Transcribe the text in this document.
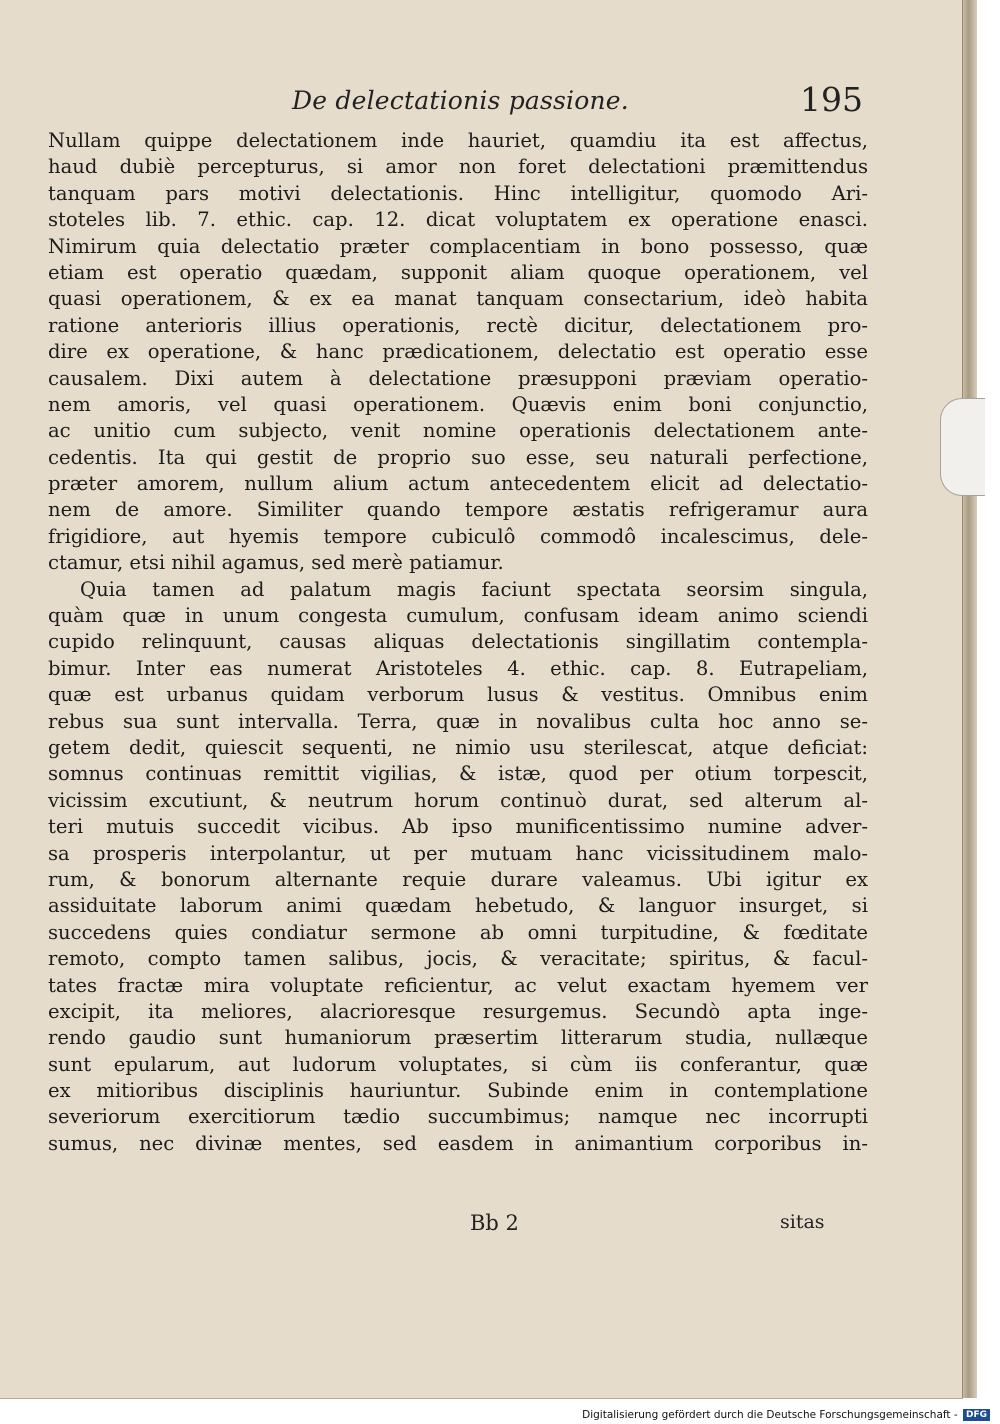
De delectationis passione.	195
Nullam quippe delectationem inde hauriet, quamdiu ita est affectus,
haud dubiè percepturus, si amor non foret delectationi præmittendus
tanquam pars motivi delectationis. Hinc intelligitur, quomodo Ari-
stoteles lib. 7. ethic. cap. 12. dicat voluptatem ex operatione enasci.
Nimirum quia delectatio præter complacentiam in bono possesso, quæ
etiam est operatio quædam, supponit aliam quoque operationem, vel
quasi operationem, & ex ea manat tanquam consectarium, ideò habita
ratione anterioris illius operationis, rectè dicitur, delectationem pro-
dire ex operatione, & hanc prædicationem, delectatio est operatio esse
causalem. Dixi autem à delectatione præsupponi præviam operatio-
nem amoris, vel quasi operationem. Quævis enim boni conjunctio,
ac unitio cum subjecto, venit nomine operationis delectationem ante-
cedentis. Ita qui gestit de proprio suo esse, seu naturali perfectione,
præter amorem, nullum alium actum antecedentem elicit ad delectatio-
nem de amore. Similiter quando tempore æstatis refrigeramur aura
frigidiore, aut hyemis tempore cubiculô commodô incalescimus, dele-
ctamur, etsi nihil agamus, sed merè patiamur.
Quia tamen ad palatum magis faciunt spectata seorsim singula,
quàm quæ in unum congesta cumulum, confusam ideam animo sciendi
cupido relinquunt, causas aliquas delectationis singillatim contempla-
bimur. Inter eas numerat Aristoteles 4. ethic. cap. 8. Eutrapeliam,
quæ est urbanus quidam verborum lusus & vestitus. Omnibus enim
rebus sua sunt intervalla. Terra, quæ in novalibus culta hoc anno se-
getem dedit, quiescit sequenti, ne nimio usu sterilescat, atque deficiat:
somnus continuas remittit vigilias, & istæ, quod per otium torpescit,
vicissim excutiunt, & neutrum horum continuò durat, sed alterum al-
teri mutuis succedit vicibus. Ab ipso munificentissimo numine adver-
sa prosperis interpolantur, ut per mutuam hanc vicissitudinem malo-
rum, & bonorum alternante requie durare valeamus. Ubi igitur ex
assiduitate laborum animi quædam hebetudo, & languor insurget, si
succedens quies condiatur sermone ab omni turpitudine, & fœditate
remoto, compto tamen salibus, jocis, & veracitate; spiritus, & facul-
tates fractæ mira voluptate reficientur, ac velut exactam hyemem ver
excipit, ita meliores, alacrioresque resurgemus. Secundò apta inge-
rendo gaudio sunt humaniorum præsertim litterarum studia, nullæque
sunt epularum, aut ludorum voluptates, si cùm iis conferantur, quæ
ex mitioribus disciplinis hauriuntur. Subinde enim in contemplatione
severiorum exercitiorum tædio succumbimus; namque nec incorrupti
sumus, nec divinæ mentes, sed easdem in animantium corporibus in-
Bb 2	sitas
Digitalisierung gefördert durch die Deutsche Forschungsgemeinschaft - DFG
